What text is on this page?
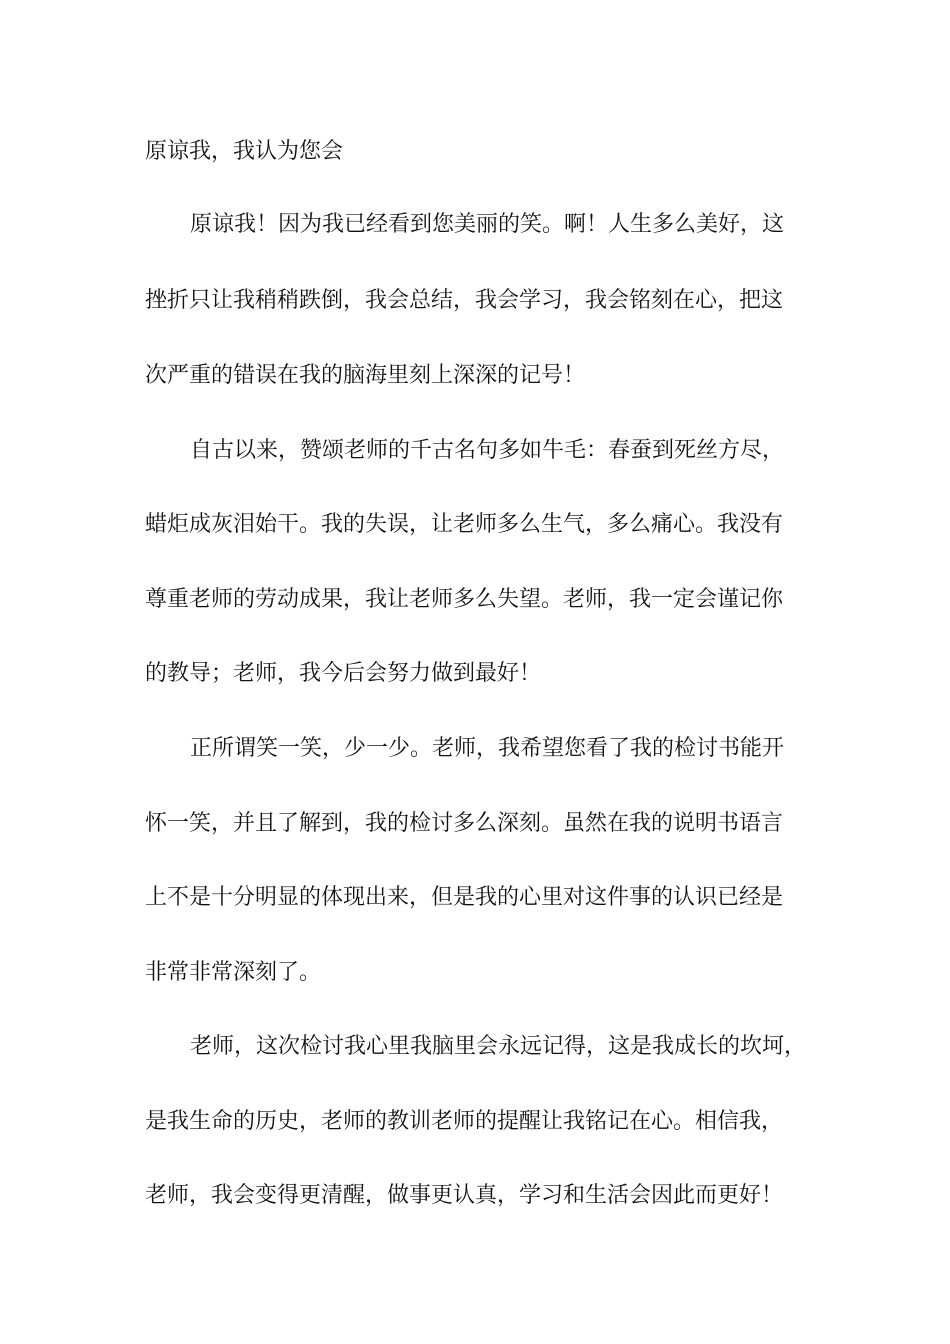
原谅我，我认为您会
原谅我！因为我已经看到您美丽的笑。啊！人生多么美好，这
挫折只让我稍稍跌倒，我会总结，我会学习，我会铭刻在心，把这
次严重的错误在我的脑海里刻上深深的记号！
自古以来，赞颂老师的千古名句多如牛毛：春蚕到死丝方尽，
蜡炬成灰泪始干。我的失误，让老师多么生气，多么痛心。我没有
尊重老师的劳动成果，我让老师多么失望。老师，我一定会谨记你
的教导；老师，我今后会努力做到最好！
正所谓笑一笑，少一少。老师，我希望您看了我的检讨书能开
怀一笑，并且了解到，我的检讨多么深刻。虽然在我的说明书语言
上不是十分明显的体现出来，但是我的心里对这件事的认识已经是
非常非常深刻了。
老师，这次检讨我心里我脑里会永远记得，这是我成长的坎坷，
是我生命的历史，老师的教训老师的提醒让我铭记在心。相信我，
老师，我会变得更清醒，做事更认真，学习和生活会因此而更好！
